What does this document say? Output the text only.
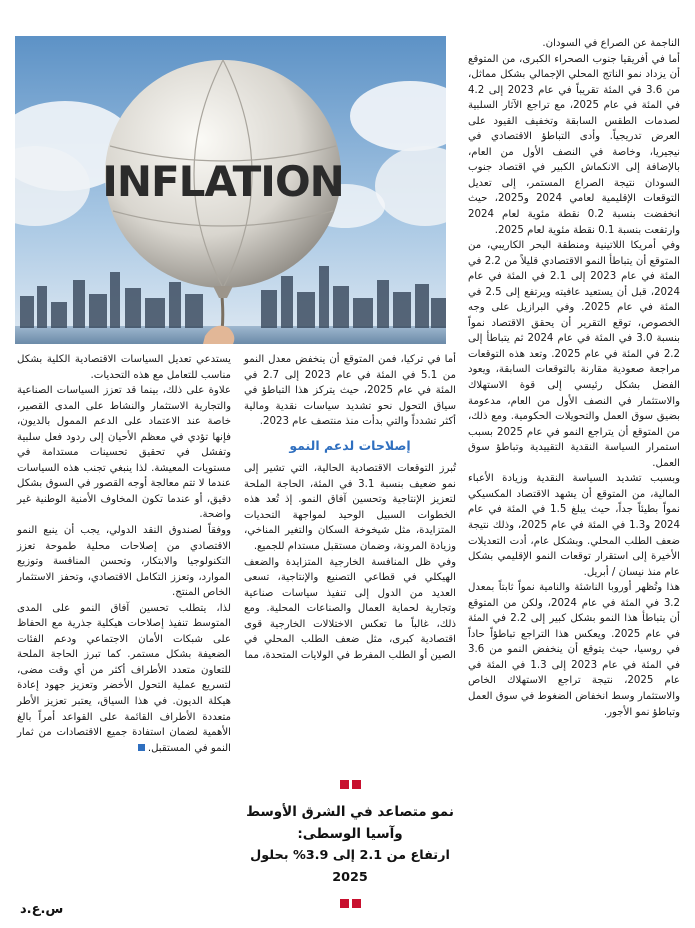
الناجمة عن الصراع في السودان.

أما في أفريقيا جنوب الصحراء الكبرى، من المتوقع أن يزداد نمو الناتج المحلي الإجمالي بشكل مماثل، من 3.6 في المئة تقريباً في عام 2023 إلى 4.2 في المئة في عام 2025، مع تراجع الآثار السلبية لصدمات الطقس السابقة وتخفيف القيود على العرض تدريجياً. وأدى التباطؤ الاقتصادي في نيجيريا، وخاصة في النصف الأول من العام، بالإضافة إلى الانكماش الكبير في اقتصاد جنوب السودان نتيجة الصراع المستمر، إلى تعديل التوقعات الإقليمية لعامي 2024 و2025، حيث انخفضت بنسبة 0.2 نقطة مئوية لعام 2024 وارتفعت بنسبة 0.1 نقطة مئوية لعام 2025.

وفي أمريكا اللاتينية ومنطقة البحر الكاريبي، من المتوقع أن يتباطأ النمو الاقتصادي قليلاً من 2.2 في المئة في عام 2023 إلى 2.1 في المئة في عام 2024، قبل أن يستعيد عافيته ويرتفع إلى 2.5 في المئة في عام 2025. وفي البرازيل على وجه الخصوص، توقع التقرير أن يحقق الاقتصاد نمواً بنسبة 3.0 في المئة في عام 2024 ثم يتباطأ إلى 2.2 في المئة في عام 2025. وتعد هذه التوقعات مراجعة صعودية مقارنة بالتوقعات السابقة، ويعود الفضل بشكل رئيسي إلى قوة الاستهلاك والاستثمار في النصف الأول من العام، مدعومة بضيق سوق العمل والتحويلات الحكومية. ومع ذلك، من المتوقع أن يتراجع النمو في عام 2025 بسبب استمرار السياسة النقدية التقييدية وتباطؤ سوق العمل.

وبسبب تشديد السياسة النقدية وزيادة الأعباء المالية، من المتوقع أن يشهد الاقتصاد المكسيكي نمواً بطيئاً جداً، حيث يبلغ 1.5 في المئة في عام 2024 و1.3 في المئة في عام 2025، وذلك نتيجة ضعف الطلب المحلي. وبشكل عام، أدت التعديلات الأخيرة إلى استقرار توقعات النمو الإقليمي بشكل عام منذ نيسان / أبريل.

هذا وتُظهر أوروبا الناشئة والنامية نمواً ثابتاً بمعدل 3.2 في المئة في عام 2024، ولكن من المتوقع أن يتباطأ هذا النمو بشكل كبير إلى 2.2 في المئة في عام 2025. ويعكس هذا التراجع تباطؤاً حاداً في روسيا، حيث يتوقع أن ينخفض النمو من 3.6 في المئة في عام 2023 إلى 1.3 في المئة في عام 2025، نتيجة تراجع الاستهلاك الخاص والاستثمار وسط انخفاض الضغوط في سوق العمل وتباطؤ نمو الأجور.

INFLATION

أما في تركيا، فمن المتوقع أن ينخفض معدل النمو من 5.1 في المئة في عام 2023 إلى 2.7 في المئة في عام 2025، حيث يتركز هذا التباطؤ في سياق التحول نحو تشديد سياسات نقدية ومالية أكثر تشدداً والتي بدأت منذ منتصف عام 2023.

إصلاحات لدعم النمو

تُبرز التوقعات الاقتصادية الحالية، التي تشير إلى نمو ضعيف بنسبة 3.1 في المئة، الحاجة الملحة لتعزيز الإنتاجية وتحسين آفاق النمو. إذ تُعد هذه الخطوات السبيل الوحيد لمواجهة التحديات المتزايدة، مثل شيخوخة السكان والتغير المناخي، وزيادة المرونة، وضمان مستقبل مستدام للجميع.

وفي ظل المنافسة الخارجية المتزايدة والضعف الهيكلي في قطاعي التصنيع والإنتاجية، تسعى العديد من الدول إلى تنفيذ سياسات صناعية وتجارية لحماية العمال والصناعات المحلية. ومع ذلك، غالباً ما تعكس الاختلالات الخارجية قوى اقتصادية كبرى، مثل ضعف الطلب المحلي في الصين أو الطلب المفرط في الولايات المتحدة، مما

نمو متصاعد في الشرق الأوسط
وآسيا الوسطى:
ارتفاع من 2.1 إلى 3.9% بحلول 2025

يستدعي تعديل السياسات الاقتصادية الكلية بشكل مناسب للتعامل مع هذه التحديات.

علاوة على ذلك، بينما قد تعزز السياسات الصناعية والتجارية الاستثمار والنشاط على المدى القصير، خاصة عند الاعتماد على الدعم الممول بالديون، فإنها تؤدي في معظم الأحيان إلى ردود فعل سلبية وتفشل في تحقيق تحسينات مستدامة في مستويات المعيشة. لذا ينبغي تجنب هذه السياسات عندما لا تتم معالجة أوجه القصور في السوق بشكل دقيق، أو عندما تكون المخاوف الأمنية الوطنية غير واضحة.

ووفقاً لصندوق النقد الدولي، يجب أن ينبع النمو الاقتصادي من إصلاحات محلية طموحة تعزز التكنولوجيا والابتكار، وتحسن المنافسة وتوزيع الموارد، وتعزز التكامل الاقتصادي، وتحفز الاستثمار الخاص المنتج.

لذا، يتطلب تحسين آفاق النمو على المدى المتوسط تنفيذ إصلاحات هيكلية جذرية مع الحفاظ على شبكات الأمان الاجتماعي ودعم الفئات الضعيفة بشكل مستمر. كما تبرز الحاجة الملحة للتعاون متعدد الأطراف أكثر من أي وقت مضى، لتسريع عملية التحول الأخضر وتعزيز جهود إعادة هيكلة الديون. في هذا السياق، يعتبر تعزيز الأطر متعددة الأطراف القائمة على القواعد أمراً بالغ الأهمية لضمان استفادة جميع الاقتصادات من ثمار النمو في المستقبل.

س.ع.د
